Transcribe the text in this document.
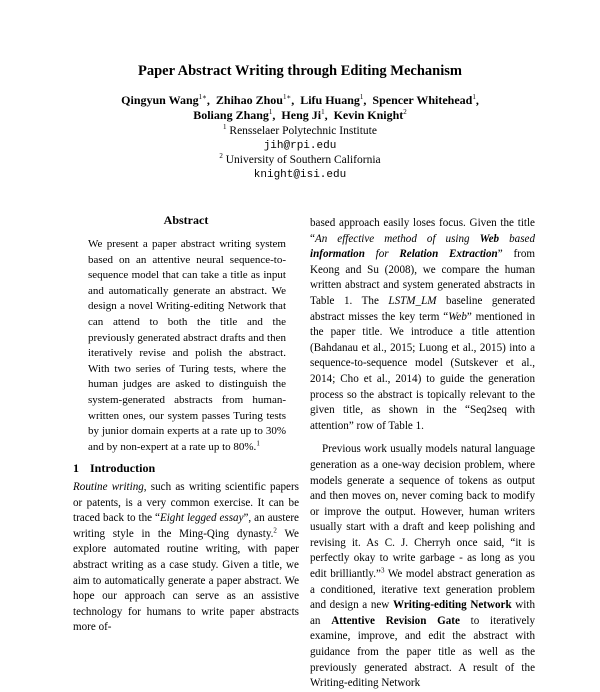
Paper Abstract Writing through Editing Mechanism
Qingyun Wang$^{1∗}$,  Zhihao Zhou$^{1∗}$,  Lifu Huang$^1$,  Spencer Whitehead$^1$,
Boliang Zhang$^1$,  Heng Ji$^1$,  Kevin Knight$^2$
$^1$ Rensselaer Polytechnic Institute
jih@rpi.edu
$^2$ University of Southern California
knight@isi.edu
Abstract
We present a paper abstract writing system based on an attentive neural sequence-to-sequence model that can take a title as input and automatically generate an abstract. We design a novel Writing-editing Network that can attend to both the title and the previously generated abstract drafts and then iteratively revise and polish the abstract. With two series of Turing tests, where the human judges are asked to distinguish the system-generated abstracts from human-written ones, our system passes Turing tests by junior domain experts at a rate up to 30% and by non-expert at a rate up to 80%.$^1$
1 Introduction

Routine writing, such as writing scientific papers or patents, is a very common exercise. It can be traced back to the “Eight legged essay”, an austere writing style in the Ming-Qing dynasty.$^2$ We explore automated routine writing, with paper abstract writing as a case study. Given a title, we aim to automatically generate a paper abstract. We hope our approach can serve as an assistive technology for humans to write paper abstracts more of-

based approach easily loses focus. Given the title “An effective method of using Web based information for Relation Extraction” from Keong and Su (2008), we compare the human written abstract and system generated abstracts in Table 1. The LSTM_LM baseline generated abstract misses the key term “Web” mentioned in the paper title. We introduce a title attention (Bahdanau et al., 2015; Luong et al., 2015) into a sequence-to-sequence model (Sutskever et al., 2014; Cho et al., 2014) to guide the generation process so the abstract is topically relevant to the given title, as shown in the “Seq2seq with attention” row of Table 1.

Previous work usually models natural language generation as a one-way decision problem, where models generate a sequence of tokens as output and then moves on, never coming back to modify or improve the output. However, human writers usually start with a draft and keep polishing and revising it. As C. J. Cherryh once said, “it is perfectly okay to write garbage - as long as you edit brilliantly.”$^3$ We model abstract generation as a conditioned, iterative text generation problem and design a new Writing-editing Network with an Attentive Revision Gate to iteratively examine, improve, and edit the abstract with guidance from the paper title as well as the previously generated abstract. A result of the Writing-editing Network
